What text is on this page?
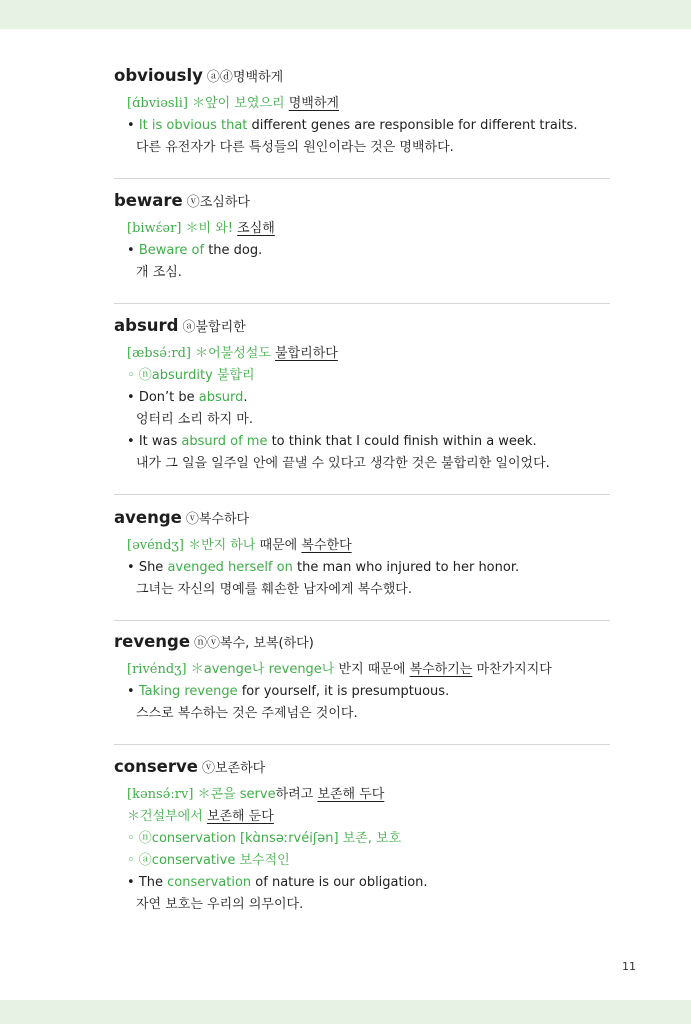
obviously ⓐⓓ명백하게
[ɑ́bviəsli] ＊앞이 보였으리 명백하게
• It is obvious that different genes are responsible for different traits.
다른 유전자가 다른 특성들의 원인이라는 것은 명백하다.
beware ⓥ조심하다
[biwɛ́ər] ＊비 와! 조심해
• Beware of the dog.
개 조심.
absurd ⓐ불합리한
[æbsə́ːrd] ＊어불성설도 불합리하다
◦ ⓝabsurdity 불합리
• Don’t be absurd.
엉터리 소리 하지 마.
• It was absurd of me to think that I could finish within a week.
내가 그 일을 일주일 안에 끝낼 수 있다고 생각한 것은 불합리한 일이었다.
avenge ⓥ복수하다
[əvéndʒ] ＊반지 하나 때문에 복수한다
• She avenged herself on the man who injured to her honor.
그녀는 자신의 명예를 훼손한 남자에게 복수했다.
revenge ⓝⓥ복수, 보복(하다)
[rivéndʒ] ＊avenge나 revenge나 반지 때문에 복수하기는 마찬가지지다
• Taking revenge for yourself, it is presumptuous.
스스로 복수하는 것은 주제넘은 것이다.
conserve ⓥ보존하다
[kənsə́ːrv] ＊콘을 serve하려고 보존해 두다
＊건설부에서 보존해 둔다
◦ ⓝconservation [kɑ̀nsəːrvéiʃən] 보존, 보호
◦ ⓐconservative 보수적인
• The conservation of nature is our obligation.
자연 보호는 우리의 의무이다.
11
